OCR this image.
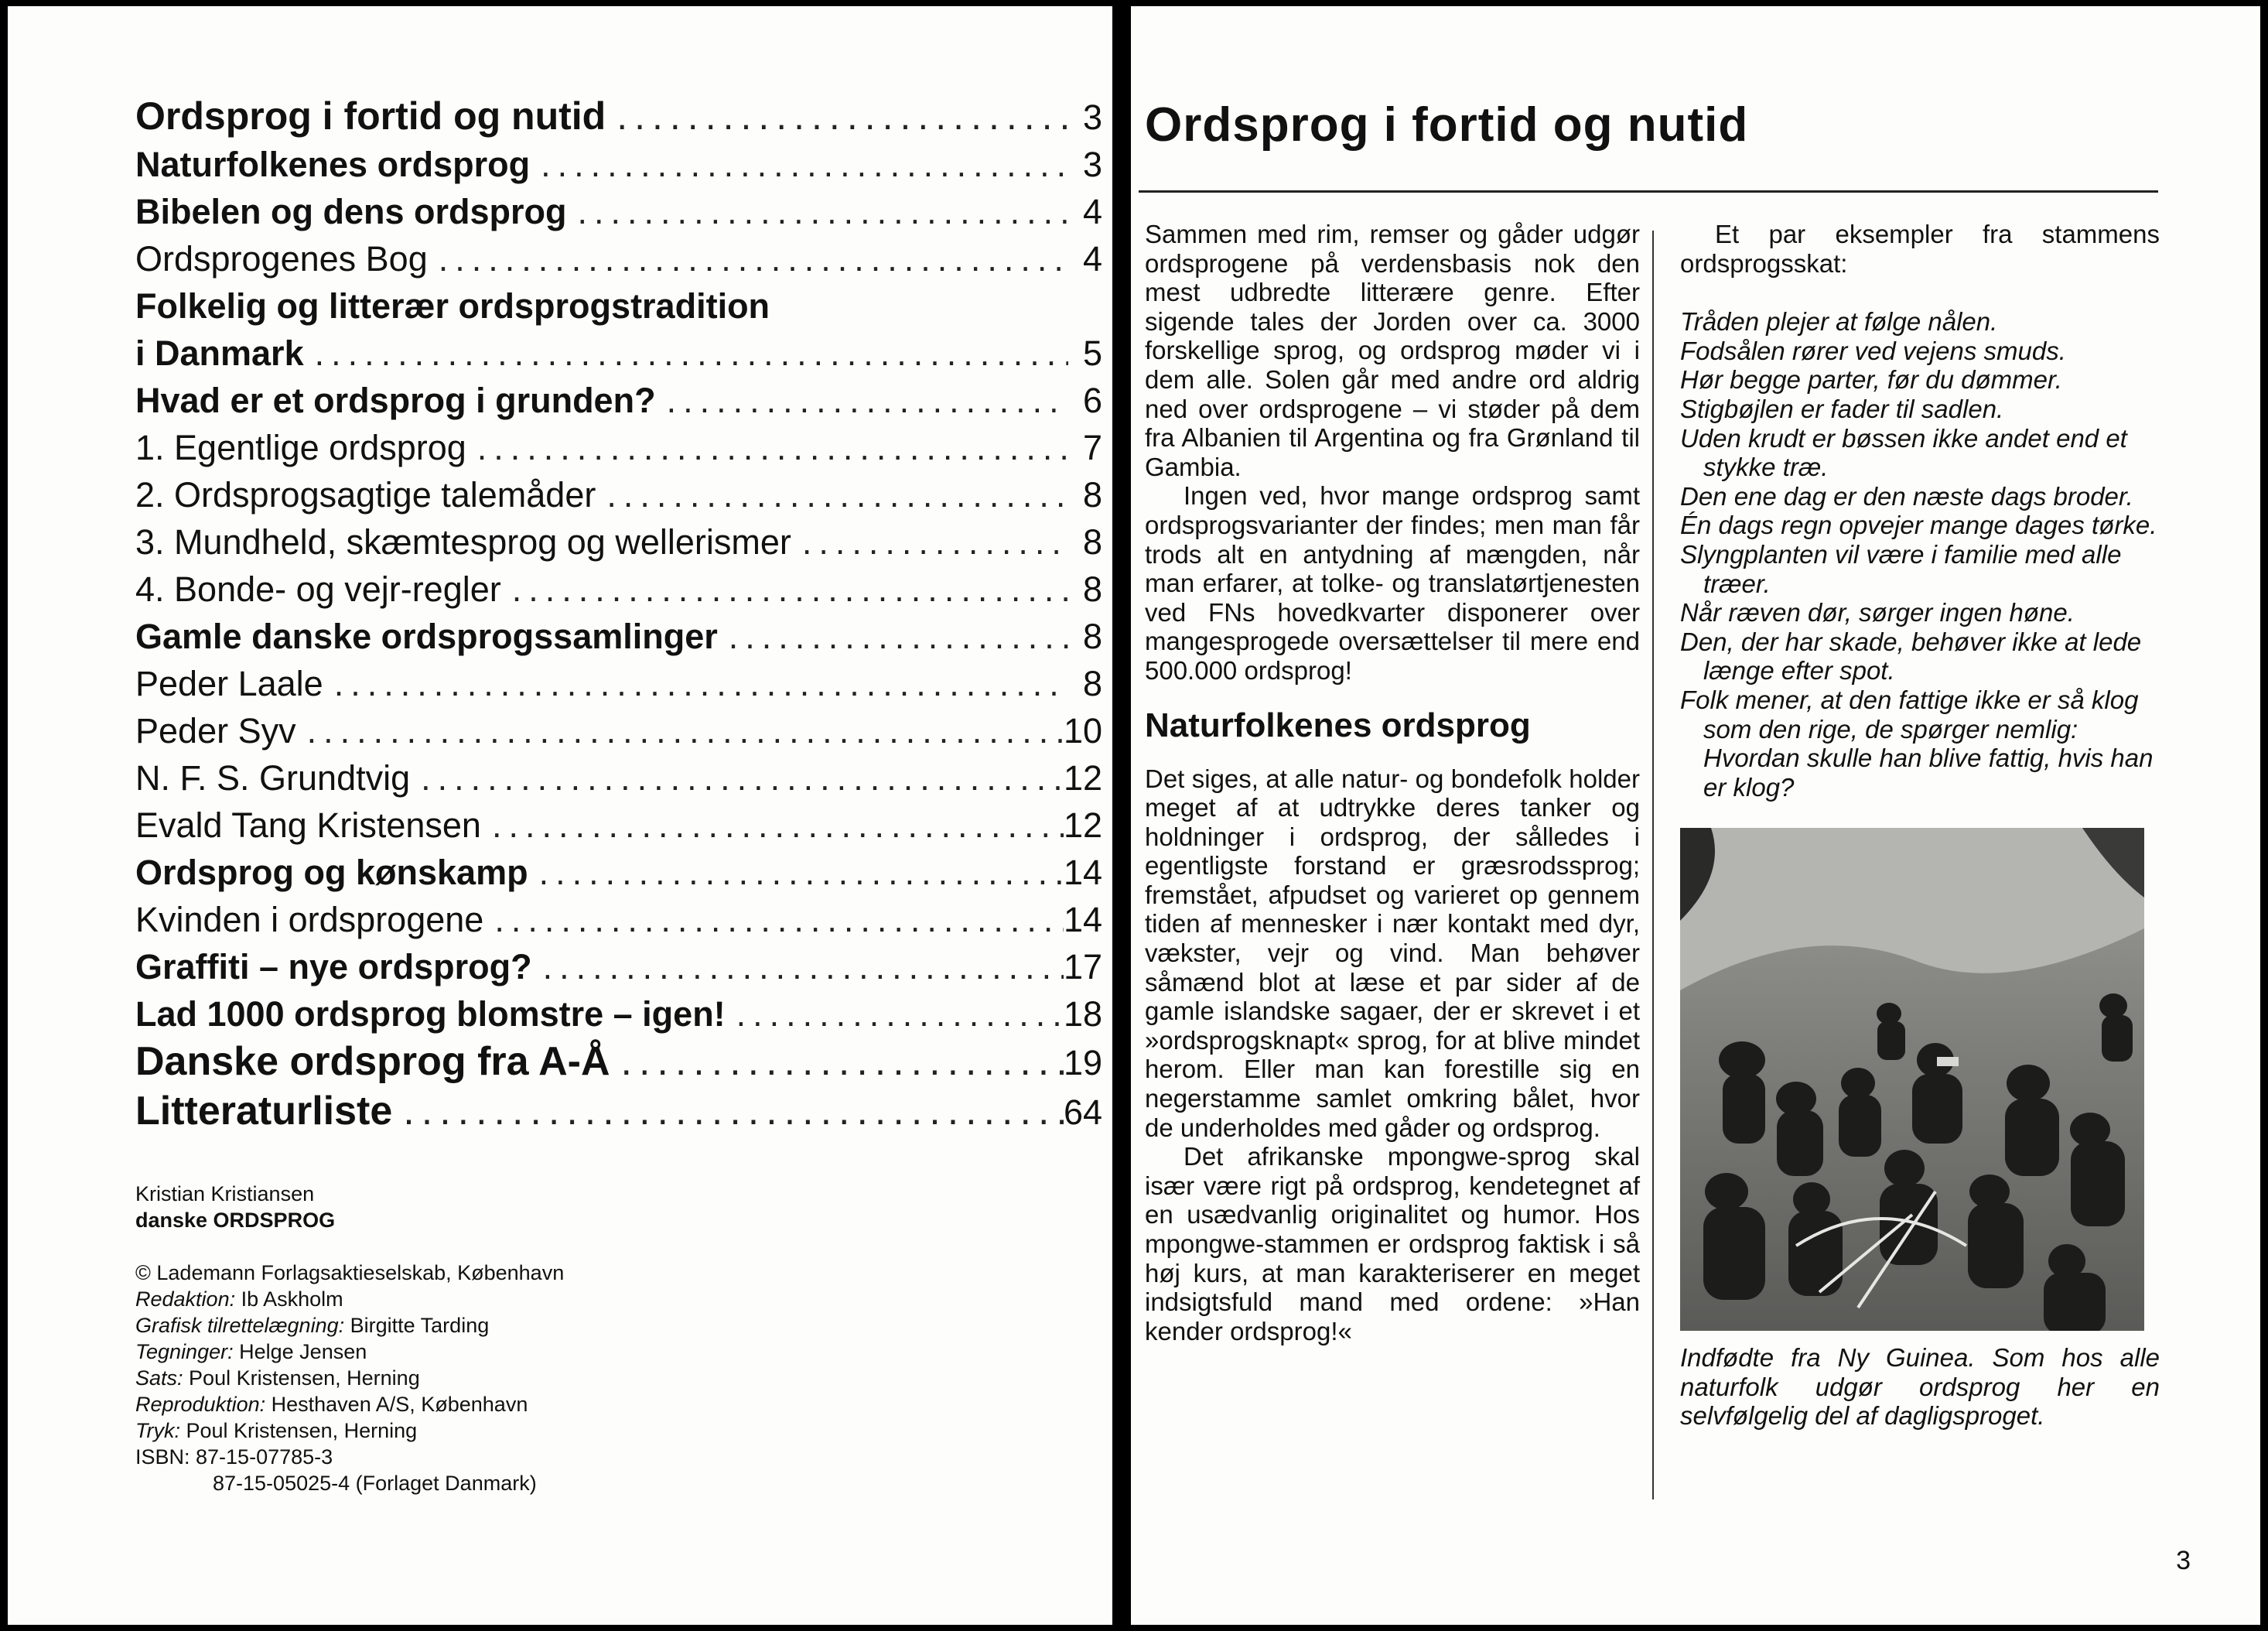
Ordsprog i fortid og nutid .....	3
Naturfolkenes ordsprog .....	3
Bibelen og dens ordsprog .....	4
Ordsprogenes Bog .....	4
Folkelig og litterær ordsprogstradition
i Danmark .....	5
Hvad er et ordsprog i grunden? .....	6
1. Egentlige ordsprog .....	7
2. Ordsprogsagtige talemåder .....	8
3. Mundheld, skæmtesprog og wellerismer .....	8
4. Bonde- og vejr-regler .....	8
Gamle danske ordsprogssamlinger .....	8
Peder Laale .....	8
Peder Syv .....	10
N. F. S. Grundtvig .....	12
Evald Tang Kristensen .....	12
Ordsprog og kønskamp .....	14
Kvinden i ordsprogene .....	14
Graffiti – nye ordsprog? .....	17
Lad 1000 ordsprog blomstre – igen! .....	18
Danske ordsprog fra A-Å .....	19
Litteraturliste .....	64
Kristian Kristiansen
danske ORDSPROG
© Lademann Forlagsaktieselskab, København
Redaktion: Ib Askholm
Grafisk tilrettelægning: Birgitte Tarding
Tegninger: Helge Jensen
Sats: Poul Kristensen, Herning
Reproduktion: Hesthaven A/S, København
Tryk: Poul Kristensen, Herning
ISBN: 87-15-07785-3
87-15-05025-4 (Forlaget Danmark)
Ordsprog i fortid og nutid

Sammen med rim, remser og gåder udgør ordsprogene på verdensbasis nok den mest udbredte litterære genre. Efter sigende tales der Jorden over ca. 3000 forskellige sprog, og ordsprog møder vi i dem alle. Solen går med andre ord aldrig ned over ordsprogene – vi støder på dem fra Albanien til Argentina og fra Grønland til Gambia.

Ingen ved, hvor mange ordsprog samt ordsprogsvarianter der findes; men man får trods alt en antydning af mængden, når man erfarer, at tolke- og translatørtjenesten ved FNs hovedkvarter disponerer over mangesprogede oversættelser til mere end 500.000 ordsprog!

Naturfolkenes ordsprog

Det siges, at alle natur- og bondefolk holder meget af at udtrykke deres tanker og holdninger i ordsprog, der sålledes i egentligste forstand er græsrodssprog; fremstået, afpudset og varieret op gennem tiden af mennesker i nær kontakt med dyr, vækster, vejr og vind. Man behøver såmænd blot at læse et par sider af de gamle islandske sagaer, der er skrevet i et »ordsprogsknapt« sprog, for at blive mindet herom. Eller man kan forestille sig en negerstamme samlet omkring bålet, hvor de underholdes med gåder og ordsprog.

Det afrikanske mpongwe-sprog skal især være rigt på ordsprog, kendetegnet af en usædvanlig originalitet og humor. Hos mpongwe-stammen er ordsprog faktisk i så høj kurs, at man karakteriserer en meget indsigtsfuld mand med ordene: »Han kender ordsprog!«

Et par eksempler fra stammens ordsprogsskat:

Tråden plejer at følge nålen.
Fodsålen rører ved vejens smuds.
Hør begge parter, før du dømmer.
Stigbøjlen er fader til sadlen.
Uden krudt er bøssen ikke andet end et stykke træ.
Den ene dag er den næste dags broder.
Én dags regn opvejer mange dages tørke.
Slyngplanten vil være i familie med alle træer.
Når ræven dør, sørger ingen høne.
Den, der har skade, behøver ikke at lede længe efter spot.
Folk mener, at den fattige ikke er så klog som den rige, de spørger nemlig: Hvordan skulle han blive fattig, hvis han er klog?

Indfødte fra Ny Guinea. Som hos alle naturfolk udgør ordsprog her en selvfølgelig del af dagligsproget.

3
